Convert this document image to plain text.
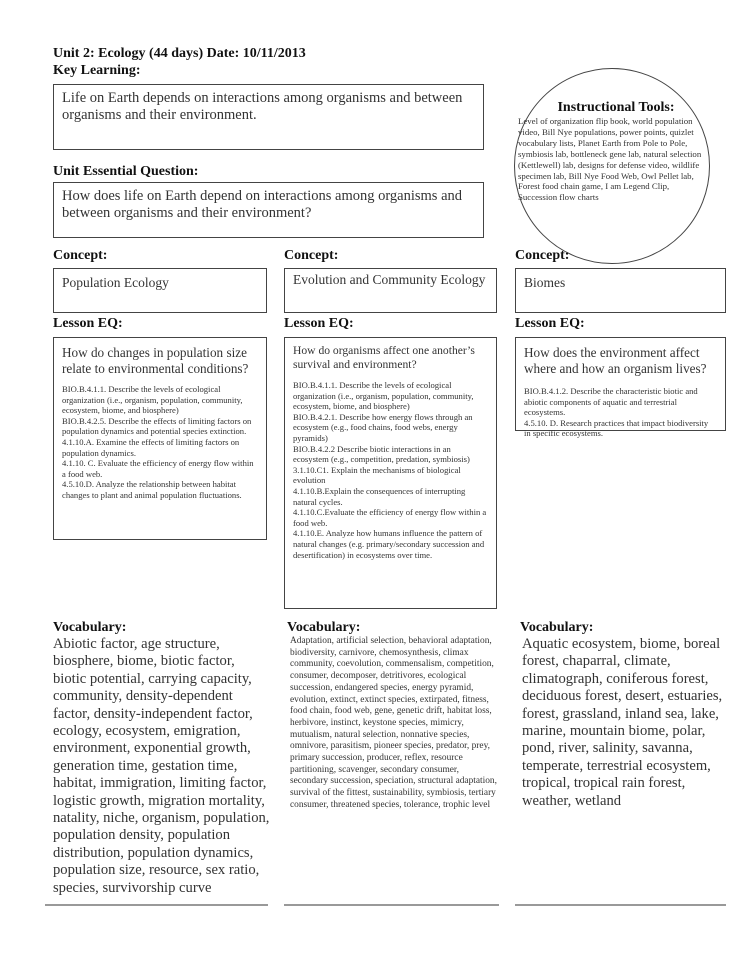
Unit 2: Ecology (44 days) Date: 10/11/2013
Key Learning:
Life on Earth depends on interactions among organisms and between organisms and their environment.
Unit Essential Question:
How does life on Earth depend on interactions among organisms and between organisms and their environment?
Instructional Tools:
Level of organization flip book, world population video, Bill Nye populations, power points, quizlet vocabulary lists, Planet Earth from Pole to Pole, symbiosis lab, bottleneck gene lab, natural selection (Kettlewell) lab, designs for defense video, wildlife specimen lab, Bill Nye Food Web, Owl Pellet lab, Forest food chain game, I am Legend Clip, Succession flow charts
Concept:
Population Ecology
Lesson EQ:
How do changes in population size relate to environmental conditions?
BIO.B.4.1.1. Describe the levels of ecological organization (i.e., organism, population, community, ecosystem, biome, and biosphere)
BIO.B.4.2.5. Describe the effects of limiting factors on population dynamics and potential species extinction.
4.1.10.A. Examine the effects of limiting factors on population dynamics.
4.1.10. C. Evaluate the efficiency of energy flow within a food web.
4.5.10.D. Analyze the relationship between habitat changes to plant and animal population fluctuations.
Vocabulary:
Abiotic factor, age structure, biosphere, biome, biotic factor, biotic potential, carrying capacity, community, density-dependent factor, density-independent factor, ecology, ecosystem, emigration, environment, exponential growth, generation time, gestation time, habitat, immigration, limiting factor, logistic growth, migration mortality, natality, niche, organism, population, population density, population distribution, population dynamics, population size, resource, sex ratio, species, survivorship curve
Concept:
Evolution and Community Ecology
Lesson EQ:
How do organisms affect one another’s survival and environment?
BIO.B.4.1.1. Describe the levels of ecological organization (i.e., organism, population, community, ecosystem, biome, and biosphere)
BIO.B.4.2.1. Describe how energy flows through an ecosystem (e.g., food chains, food webs, energy pyramids)
BIO.B.4.2.2 Describe biotic interactions in an ecosystem (e.g., competition, predation, symbiosis)
3.1.10.C1. Explain the mechanisms of biological evolution
4.1.10.B.Explain the consequences of interrupting natural cycles.
4.1.10.C.Evaluate the efficiency of energy flow within a food web.
4.1.10.E. Analyze how humans influence the pattern of natural changes (e.g. primary/secondary succession and desertification) in ecosystems over time.
Vocabulary:
Adaptation, artificial selection, behavioral adaptation, biodiversity, carnivore, chemosynthesis, climax community, coevolution, commensalism, competition, consumer, decomposer, detritivores, ecological succession, endangered species, energy pyramid, evolution, extinct, extinct species, extirpated, fitness, food chain, food web, gene, genetic drift, habitat loss, herbivore, instinct, keystone species, mimicry, mutualism, natural selection, nonnative species, omnivore, parasitism, pioneer species, predator, prey, primary succession, producer, reflex, resource partitioning, scavenger, secondary consumer, secondary succession, speciation, structural adaptation, survival of the fittest, sustainability, symbiosis, tertiary consumer, threatened species, tolerance, trophic level
Concept:
Biomes
Lesson EQ:
How does the environment affect where and how an organism lives?
BIO.B.4.1.2. Describe the characteristic biotic and abiotic components of aquatic and terrestrial ecosystems.
4.5.10. D. Research practices that impact biodiversity in specific ecosystems.
Vocabulary:
Aquatic ecosystem, biome, boreal forest, chaparral, climate, climatograph, coniferous forest, deciduous forest, desert, estuaries, forest, grassland, inland sea, lake, marine, mountain biome, polar, pond, river, salinity, savanna, temperate, terrestrial ecosystem, tropical, tropical rain forest, weather, wetland
